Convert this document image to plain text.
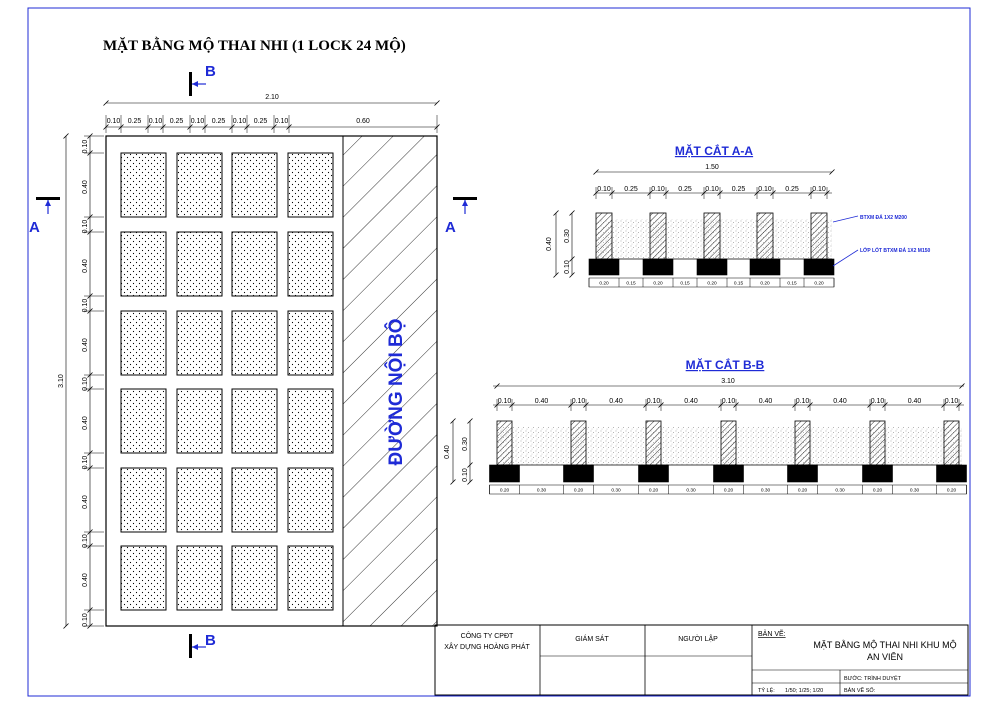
MẶT BẰNG MỘ THAI NHI (1 LOCK 24 MỘ)
ĐƯỜNG NỘI BỘ
2.10
0.10 0.25 0.10 0.25 0.10 0.25 0.10 0.25 0.10	0.60
3.10
0.10
0.40
0.10
0.40
0.10
0.40
0.10
0.40
0.10
0.40
0.10
0.40
0.10
B
B
A	A
MẶT CẮT A-A
1.50
0.10 0.25 0.10 0.25 0.10 0.25 0.10 0.25 0.10
0.20	0.15	0.20	0.15	0.20	0.15	0.20	0.15	0.20
0.40
0.30
0.10
BTXM ĐÁ 1X2 M200
LỚP LÓT BTXM ĐÁ 1X2 M150
MẶT CẮT B-B
3.10
0.10	0.40	0.10	0.40	0.10	0.40	0.10	0.40	0.10	0.40	0.10	0.40	0.10
0.20	0.30	0.20	0.30	0.20	0.30	0.20	0.30	0.20	0.30	0.20	0.30	0.20
0.40
0.30
0.10
CÔNG TY CPĐT
XÂY DỰNG HOÀNG PHÁT
GIÁM SÁT	NGƯỜI LẬP
BẢN VẼ:
MẶT BẰNG MỘ THAI NHI KHU MỘ
AN VIÊN
BƯỚC: TRÌNH DUYỆT
TỶ LỆ: 1/50; 1/25; 1/20	BẢN VẼ SỐ:
